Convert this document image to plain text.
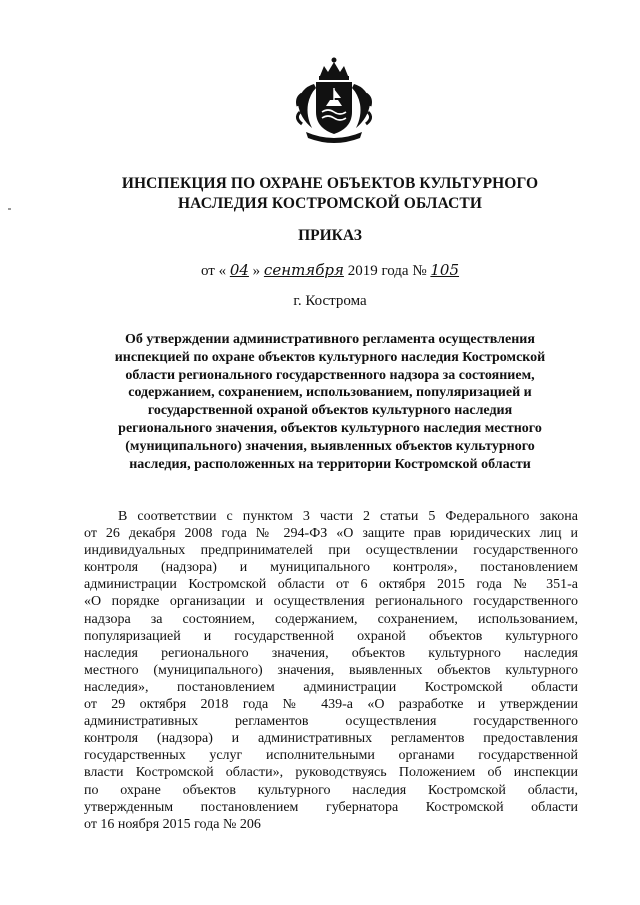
ИНСПЕКЦИЯ ПО ОХРАНЕ ОБЪЕКТОВ КУЛЬТУРНОГО
НАСЛЕДИЯ КОСТРОМСКОЙ ОБЛАСТИ
ПРИКАЗ
от « 04 » сентября 2019 года № 105
г. Кострома
Об утверждении административного регламента осуществления
инспекцией по охране объектов культурного наследия Костромской
области регионального государственного надзора за состоянием,
содержанием, сохранением, использованием, популяризацией и
государственной охраной объектов культурного наследия
регионального значения, объектов культурного наследия местного
(муниципального) значения, выявленных объектов культурного
наследия, расположенных на территории Костромской области
В соответствии с пунктом 3 части 2 статьи 5 Федерального закона
от 26 декабря 2008 года № 294-ФЗ «О защите прав юридических лиц и
индивидуальных предпринимателей при осуществлении государственного
контроля (надзора) и муниципального контроля», постановлением
администрации Костромской области от 6 октября 2015 года № 351-а
«О порядке организации и осуществления регионального государственного
надзора за состоянием, содержанием, сохранением, использованием,
популяризацией и государственной охраной объектов культурного
наследия регионального значения, объектов культурного наследия
местного (муниципального) значения, выявленных объектов культурного
наследия», постановлением администрации Костромской области
от 29 октября 2018 года № 439-а «О разработке и утверждении
административных регламентов осуществления государственного
контроля (надзора) и административных регламентов предоставления
государственных услуг исполнительными органами государственной
власти Костромской области», руководствуясь Положением об инспекции
по охране объектов культурного наследия Костромской области,
утвержденным постановлением губернатора Костромской области
от 16 ноября 2015 года № 206
